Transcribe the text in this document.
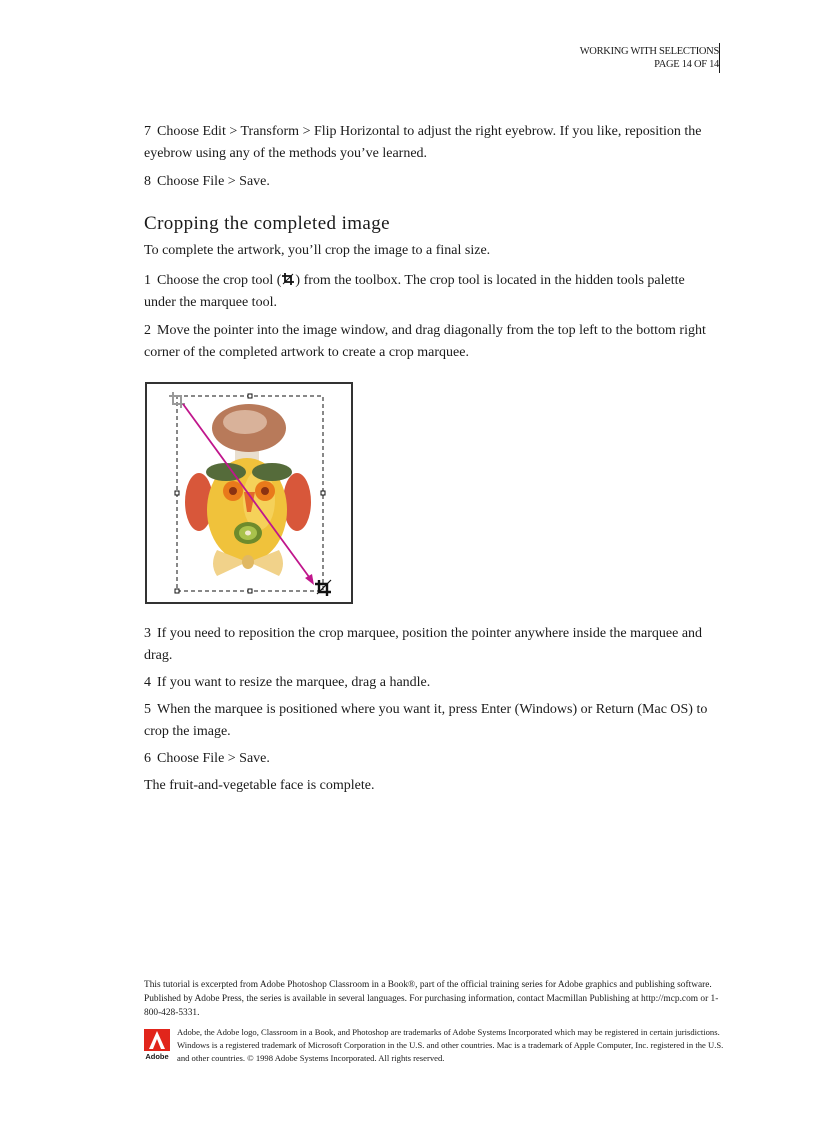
WORKING WITH SELECTIONS
PAGE 14 OF 14

7 Choose Edit > Transform > Flip Horizontal to adjust the right eyebrow. If you like, reposition the eyebrow using any of the methods you’ve learned.

8 Choose File > Save.

Cropping the completed image

To complete the artwork, you’ll crop the image to a final size.

1 Choose the crop tool ( ) from the toolbox. The crop tool is located in the hidden tools palette under the marquee tool.

2 Move the pointer into the image window, and drag diagonally from the top left to the bottom right corner of the completed artwork to create a crop marquee.

3 If you need to reposition the crop marquee, position the pointer anywhere inside the marquee and drag.

4 If you want to resize the marquee, drag a handle.

5 When the marquee is positioned where you want it, press Enter (Windows) or Return (Mac OS) to crop the image.

6 Choose File > Save.

The fruit-and-vegetable face is complete.

This tutorial is excerpted from Adobe Photoshop Classroom in a Book®, part of the official training series for Adobe graphics and publishing software. Published by Adobe Press, the series is available in several languages. For purchasing information, contact Macmillan Publishing at http://mcp.com or 1-800-428-5331.
Adobe
Adobe, the Adobe logo, Classroom in a Book, and Photoshop are trademarks of Adobe Systems Incorporated which may be registered in certain jurisdictions. Windows is a registered trademark of Microsoft Corporation in the U.S. and other countries. Mac is a trademark of Apple Computer, Inc. registered in the U.S. and other countries. © 1998 Adobe Systems Incorporated. All rights reserved.
